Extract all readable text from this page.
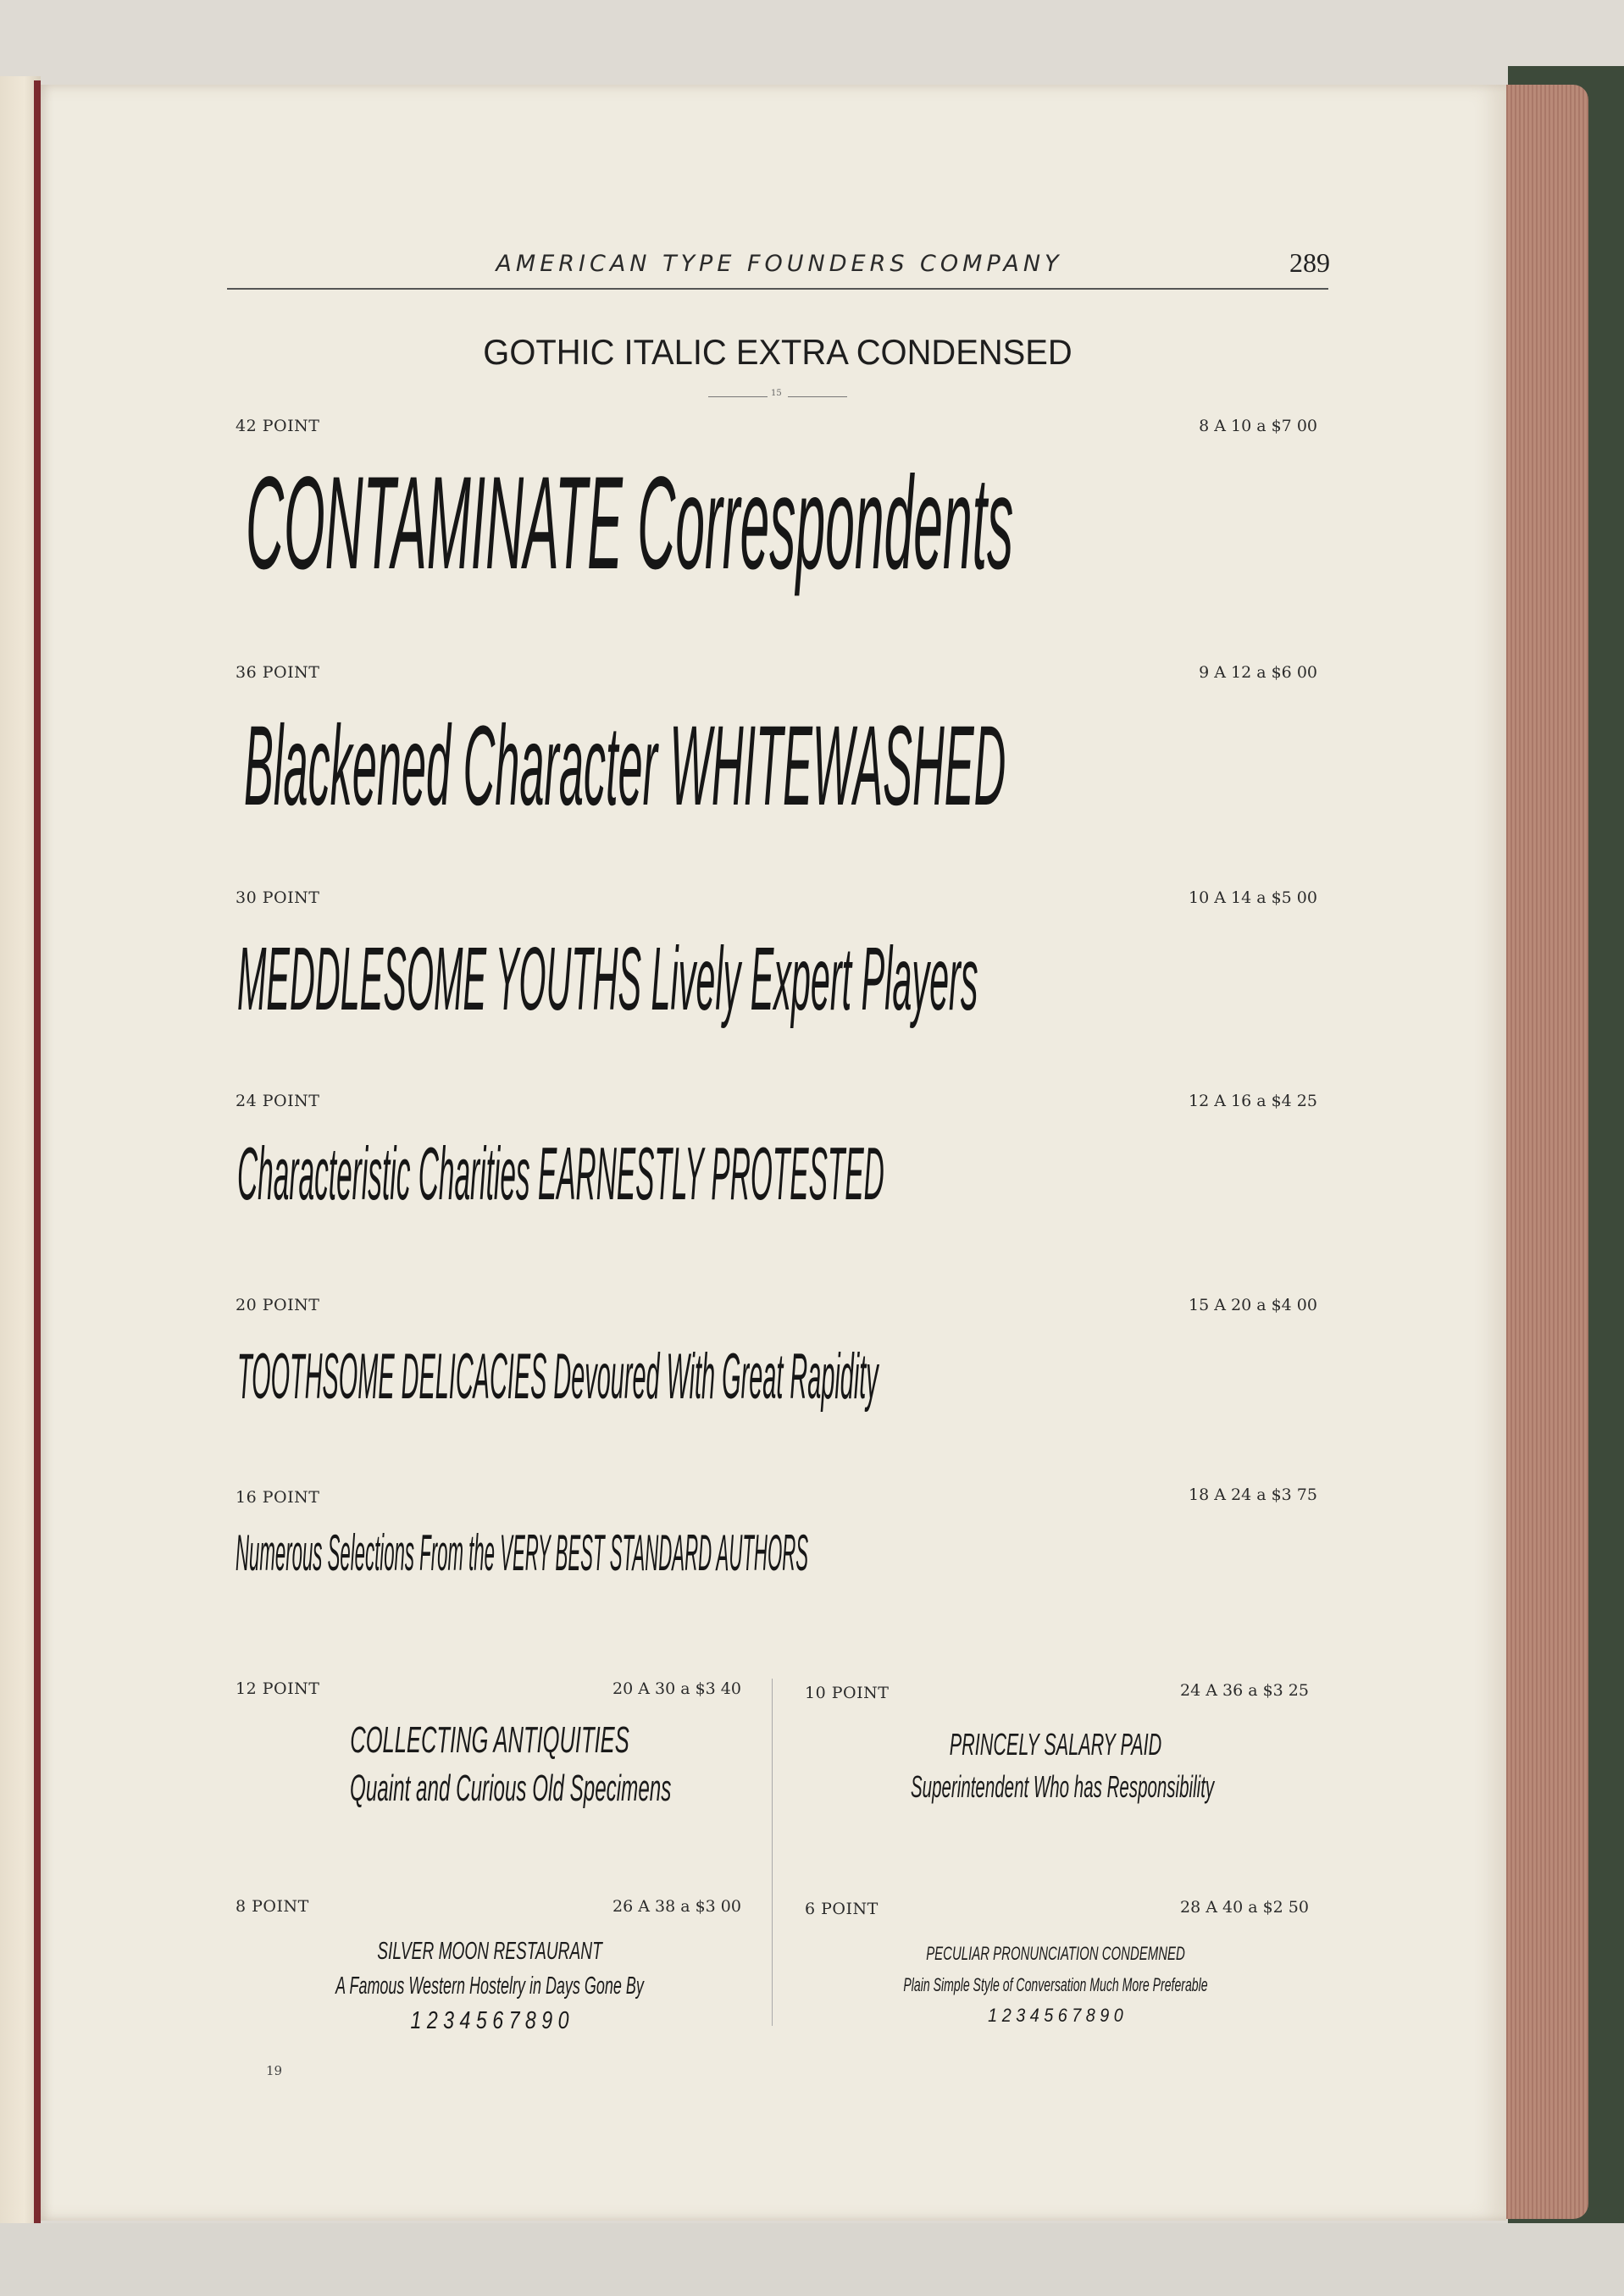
AMERICAN TYPE FOUNDERS COMPANY	289
GOTHIC ITALIC EXTRA CONDENSED
15
42 POINT	8 A 10 a $7 00
CONTAMINATE Correspondents
36 POINT	9 A 12 a $6 00
Blackened Character WHITEWASHED
30 POINT	10 A 14 a $5 00
MEDDLESOME YOUTHS Lively Expert Players
24 POINT	12 A 16 a $4 25
Characteristic Charities EARNESTLY PROTESTED
20 POINT	15 A 20 a $4 00
TOOTHSOME DELICACIES Devoured With Great Rapidity
16 POINT	18 A 24 a $3 75
Numerous Selections From the VERY BEST STANDARD AUTHORS
12 POINT	20 A 30 a $3 40
COLLECTING ANTIQUITIES
Quaint and Curious Old Specimens
10 POINT	24 A 36 a $3 25
PRINCELY SALARY PAID
Superintendent Who has Responsibility
8 POINT	26 A 38 a $3 00
SILVER MOON RESTAURANT
A Famous Western Hostelry in Days Gone By
1 2 3 4 5 6 7 8 9 0
6 POINT	28 A 40 a $2 50
PECULIAR PRONUNCIATION CONDEMNED
Plain Simple Style of Conversation Much More Preferable
1 2 3 4 5 6 7 8 9 0
19
